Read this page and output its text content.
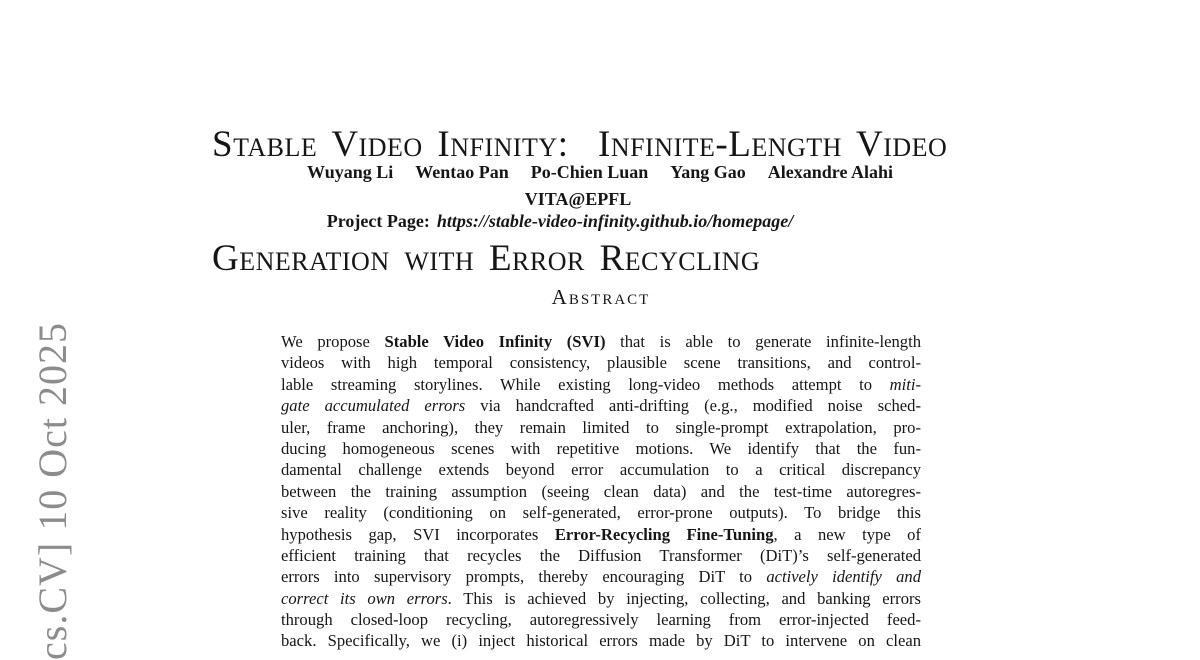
cs.CV] 10 Oct 2025

Stable Video Infinity:  Infinite-Length Video

Generation with Error Recycling

Wuyang Li Wentao Pan Po-Chien Luan Yang Gao Alexandre Alahi
VITA@EPFL
Project Page: https://stable-video-infinity.github.io/homepage/
Abstract
We propose Stable Video Infinity (SVI) that is able to generate infinite-length
videos with high temporal consistency, plausible scene transitions, and control-
lable streaming storylines. While existing long-video methods attempt to miti-
gate accumulated errors via handcrafted anti-drifting (e.g., modified noise sched-
uler, frame anchoring), they remain limited to single-prompt extrapolation, pro-
ducing homogeneous scenes with repetitive motions. We identify that the fun-
damental challenge extends beyond error accumulation to a critical discrepancy
between the training assumption (seeing clean data) and the test-time autoregres-
sive reality (conditioning on self-generated, error-prone outputs). To bridge this
hypothesis gap, SVI incorporates Error-Recycling Fine-Tuning, a new type of
efficient training that recycles the Diffusion Transformer (DiT)’s self-generated
errors into supervisory prompts, thereby encouraging DiT to actively identify and
correct its own errors. This is achieved by injecting, collecting, and banking errors
through closed-loop recycling, autoregressively learning from error-injected feed-
back. Specifically, we (i) inject historical errors made by DiT to intervene on clean
